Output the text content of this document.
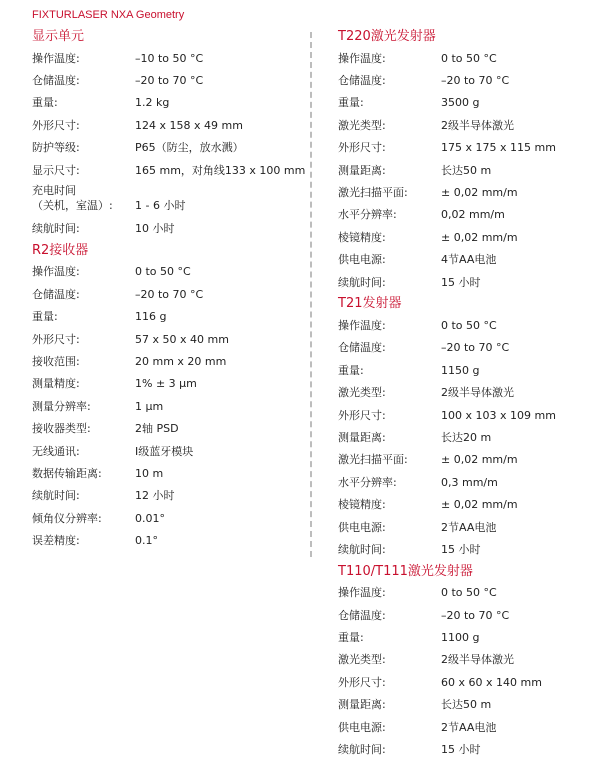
FIXTURLASER NXA Geometry
显示单元
操作温度:	–10 to 50 °C
仓储温度:	–20 to 70 °C
重量:	1.2 kg
外形尺寸:	124 x 158 x 49 mm
防护等级:	P65（防尘，放水溅）
显示尺寸:	165 mm，对角线133 x 100 mm
充电时间
（关机，室温）:	1 - 6 小时
续航时间:	10 小时
R2接收器
操作温度:	0 to 50 °C
仓储温度:	–20 to 70 °C
重量:	116 g
外形尺寸:	57 x 50 x 40 mm
接收范围:	20 mm x 20 mm
测量精度:	1% ± 3 µm
测量分辨率:	1 µm
接收器类型:	2轴 PSD
无线通讯:	I级蓝牙模块
数据传输距离:	10 m
续航时间:	12 小时
倾角仪分辨率:	0.01°
误差精度:	0.1°
T220激光发射器
操作温度:	0 to 50 °C
仓储温度:	–20 to 70 °C
重量:	3500 g
激光类型:	2级半导体激光
外形尺寸:	175 x 175 x 115 mm
测量距离:	长达50 m
激光扫描平面:	± 0,02 mm/m
水平分辨率:	0,02 mm/m
棱镜精度:	± 0,02 mm/m
供电电源:	4节AA电池
续航时间:	15 小时
T21发射器
操作温度:	0 to 50 °C
仓储温度:	–20 to 70 °C
重量:	1150 g
激光类型:	2级半导体激光
外形尺寸:	100 x 103 x 109 mm
测量距离:	长达20 m
激光扫描平面:	± 0,02 mm/m
水平分辨率:	0,3 mm/m
棱镜精度:	± 0,02 mm/m
供电电源:	2节AA电池
续航时间:	15 小时
T110/T111激光发射器
操作温度:	0 to 50 °C
仓储温度:	–20 to 70 °C
重量:	1100 g
激光类型:	2级半导体激光
外形尺寸:	60 x 60 x 140 mm
测量距离:	长达50 m
供电电源:	2节AA电池
续航时间:	15 小时
